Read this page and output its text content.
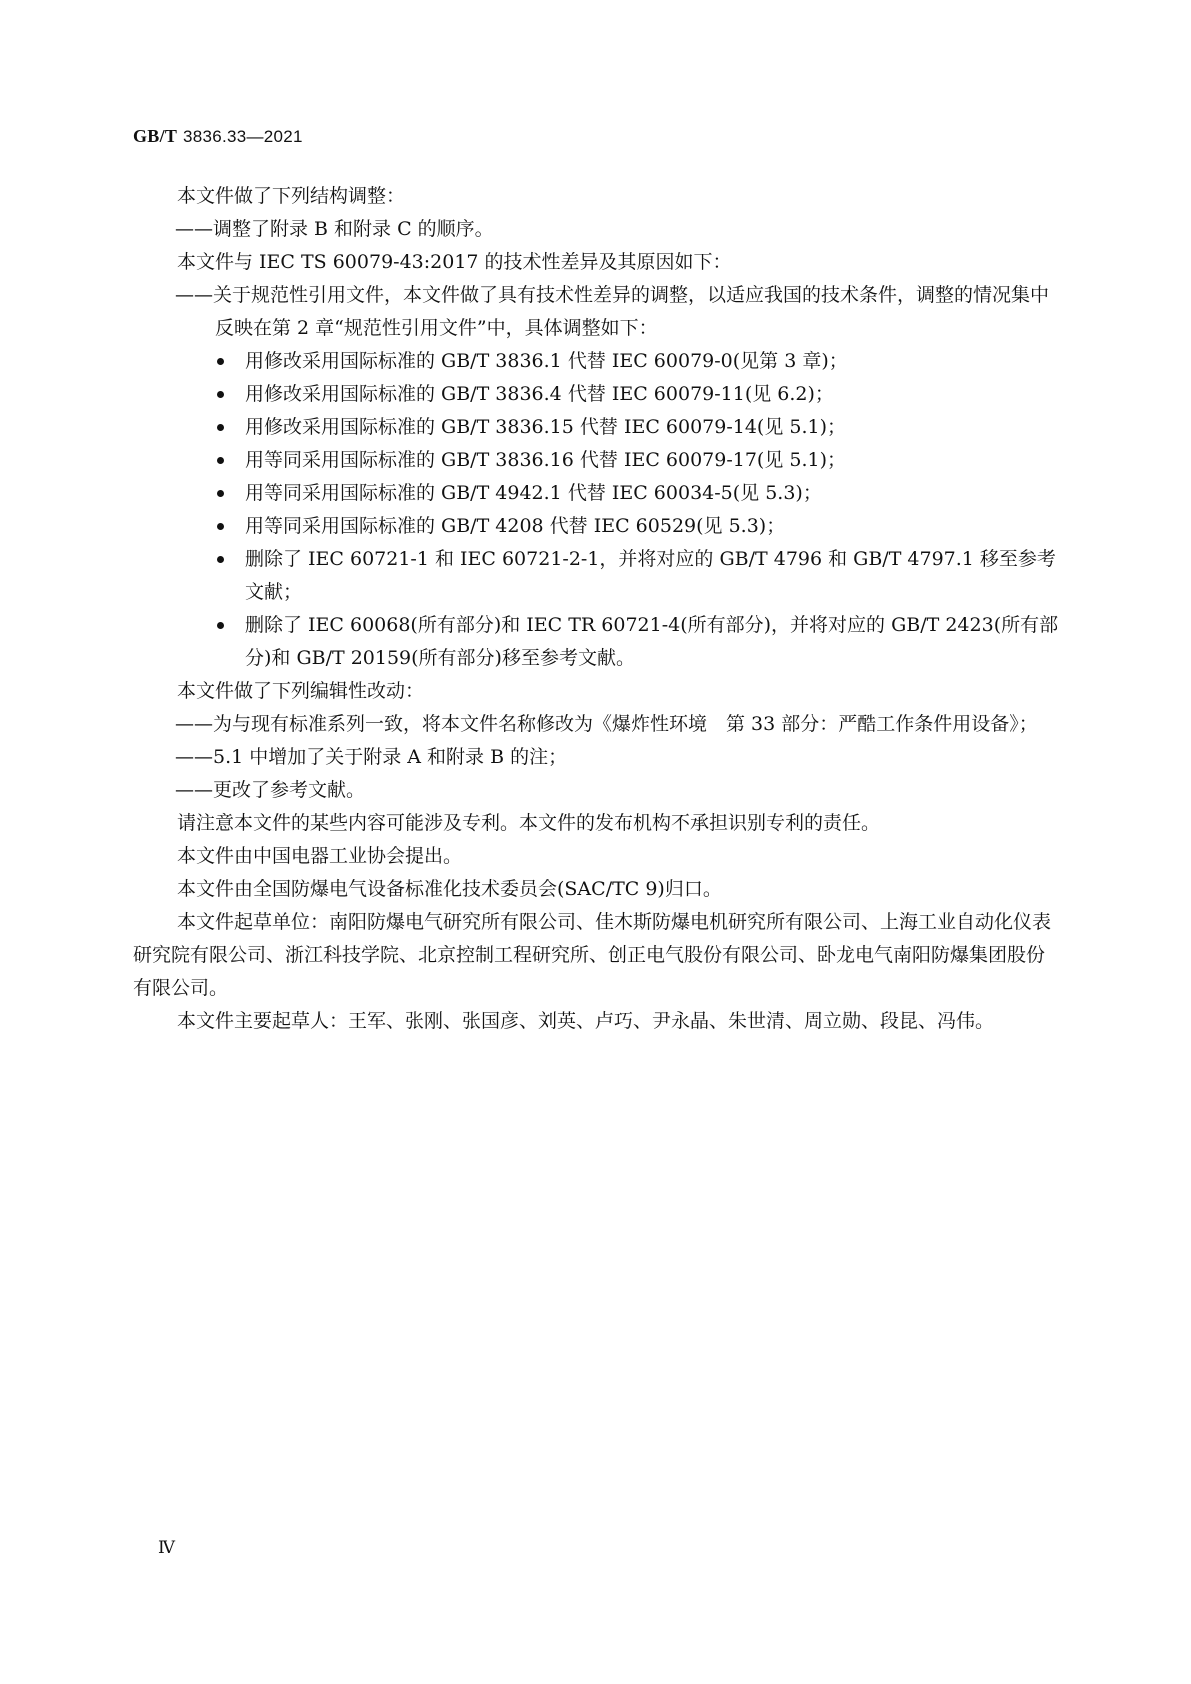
GB/T 3836.33—2021
本文件做了下列结构调整：
——调整了附录 B 和附录 C 的顺序。
本文件与 IEC TS 60079-43:2017 的技术性差异及其原因如下：
——关于规范性引用文件，本文件做了具有技术性差异的调整，以适应我国的技术条件，调整的情况集中反映在第 2 章“规范性引用文件”中，具体调整如下：
用修改采用国际标准的 GB/T 3836.1 代替 IEC 60079-0(见第 3 章)；
用修改采用国际标准的 GB/T 3836.4 代替 IEC 60079-11(见 6.2)；
用修改采用国际标准的 GB/T 3836.15 代替 IEC 60079-14(见 5.1)；
用等同采用国际标准的 GB/T 3836.16 代替 IEC 60079-17(见 5.1)；
用等同采用国际标准的 GB/T 4942.1 代替 IEC 60034-5(见 5.3)；
用等同采用国际标准的 GB/T 4208 代替 IEC 60529(见 5.3)；
删除了 IEC 60721-1 和 IEC 60721-2-1，并将对应的 GB/T 4796 和 GB/T 4797.1 移至参考文献；
删除了 IEC 60068(所有部分)和 IEC TR 60721-4(所有部分)，并将对应的 GB/T 2423(所有部分)和 GB/T 20159(所有部分)移至参考文献。
本文件做了下列编辑性改动：
——为与现有标准系列一致，将本文件名称修改为《爆炸性环境　第 33 部分：严酷工作条件用设备》；
——5.1 中增加了关于附录 A 和附录 B 的注；
——更改了参考文献。
请注意本文件的某些内容可能涉及专利。本文件的发布机构不承担识别专利的责任。
本文件由中国电器工业协会提出。
本文件由全国防爆电气设备标准化技术委员会(SAC/TC 9)归口。
本文件起草单位：南阳防爆电气研究所有限公司、佳木斯防爆电机研究所有限公司、上海工业自动化仪表研究院有限公司、浙江科技学院、北京控制工程研究所、创正电气股份有限公司、卧龙电气南阳防爆集团股份有限公司。
本文件主要起草人：王军、张刚、张国彦、刘英、卢巧、尹永晶、朱世清、周立勋、段昆、冯伟。
Ⅳ
